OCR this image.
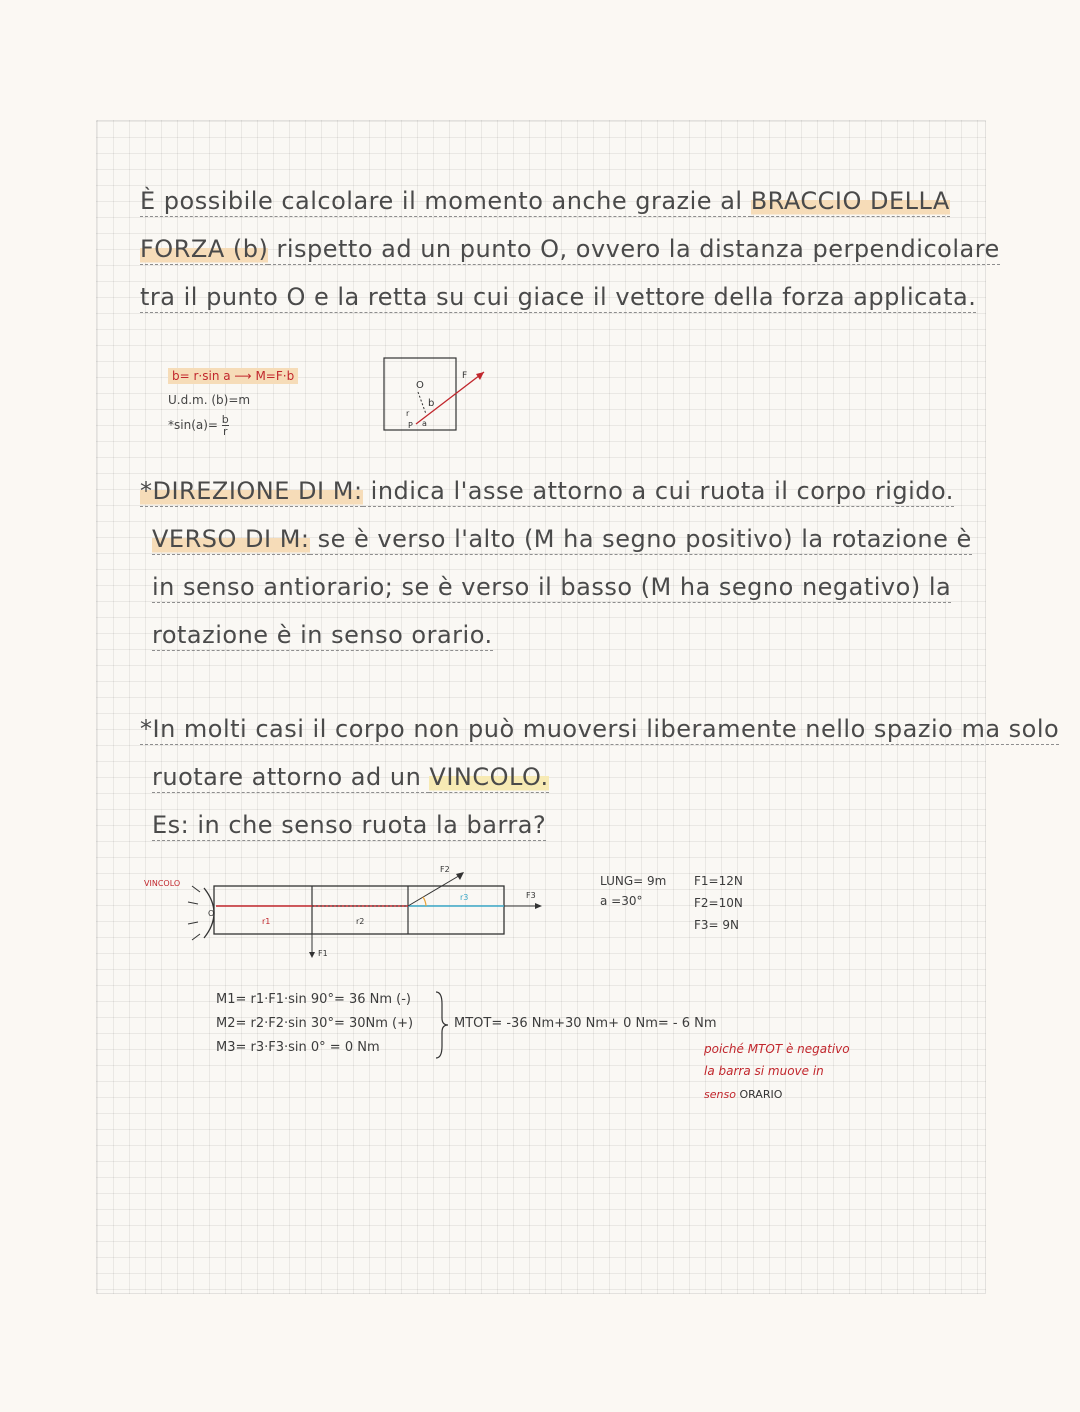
È possibile calcolare il momento anche grazie al BRACCIO DELLA
FORZA (b) rispetto ad un punto O, ovvero la distanza perpendicolare
tra il punto O e la retta su cui giace il vettore della forza applicata.
b= r·sin a ⟶ M=F·b
U.d.m. (b)=m
$*\sin(a)= \frac{b}{r}$
O
b
r
P a
F
*DIREZIONE DI M: indica l'asse attorno a cui ruota il corpo rigido.
VERSO DI M: se è verso l'alto (M ha segno positivo) la rotazione è
in senso antiorario; se è verso il basso (M ha segno negativo) la
rotazione è in senso orario.
*In molti casi il corpo non può muoversi liberamente nello spazio ma solo
ruotare attorno ad un VINCOLO.
Es: in che senso ruota la barra?
VINCOLO
O
r1	r2
r3
F1
F2
F3
LUNG= 9m
a =30°
F1=12N
F2=10N
F3= 9N
M1= r1·F1·sin 90°= 36 Nm (-)
M2= r2·F2·sin 30°= 30Nm (+)
M3= r3·F3·sin 0° = 0 Nm
MTOT= -36 Nm+30 Nm+ 0 Nm= - 6 Nm
poiché MTOT è negativo
la barra si muove in
senso ORARIO
